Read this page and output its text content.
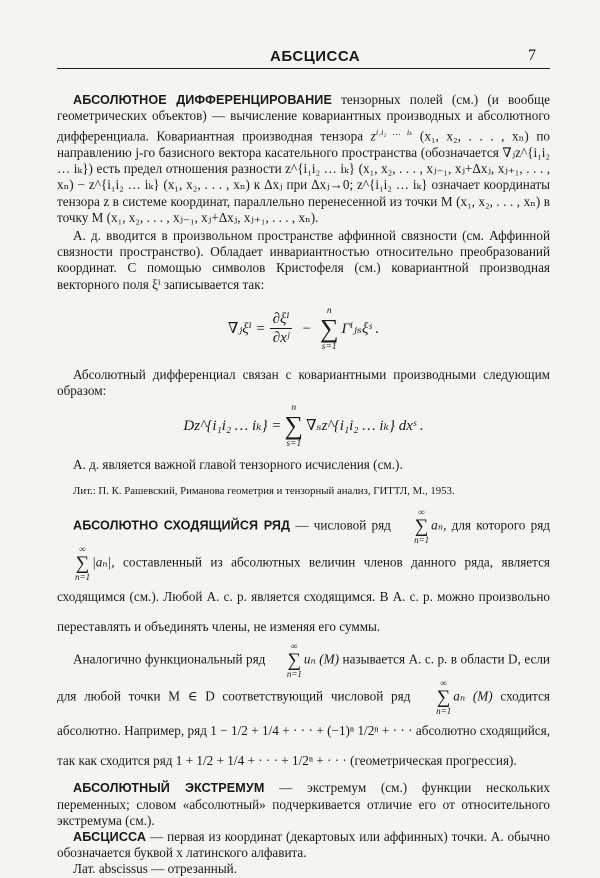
АБСЦИССА	7

АБСОЛЮТНОЕ ДИФФЕРЕНЦИРОВАНИЕ тензорных полей (см.) (и вообще геометрических объектов) — вычисление ковариантных производных и абсолютного дифференциала. Ковариантная производная тензора $z^{i_1i_2 \dots i_k}$ (x₁, x₂, . . . , xₙ) по направлению j-го базисного вектора касательного пространства (обозначается ∇ⱼz^{i₁i₂ … iₖ}) есть предел отношения разности z^{i₁i₂ … iₖ} (x₁, x₂, . . . , xⱼ₋₁, xⱼ+Δxⱼ, xⱼ₊₁, . . . , xₙ) − z^{i₁i₂ … iₖ} (x₁, x₂, . . . , xₙ) к Δxⱼ при Δxⱼ→0; z^{i₁i₂ … iₖ} означает координаты тензора z в системе координат, параллельно перенесенной из точки M (x₁, x₂, . . . , xₙ) в точку M (x₁, x₂, . . . , xⱼ₋₁, xⱼ+Δxⱼ, xⱼ₊₁, . . . , xₙ).

А. д. вводится в произвольном пространстве аффинной связности (см. Аффинной связности пространство). Обладает инвариантностью относительно преобразований координат. С помощью символов Кристофеля (см.) ковариантной производная векторного поля ξⁱ записывается так:

∇ⱼξⁱ = $\frac{\text{∂ξⁱ}}{\text{∂xʲ}}$ −
n
∑
s=1
Γⁱⱼₛξˢ .

Абсолютный дифференциал связан с ковариантными производными следующим образом:

Dz^{i₁i₂ … iₖ} =
n
∑
s=1
∇ₛz^{i₁i₂ … iₖ} dxˢ .

А. д. является важной главой тензорного исчисления (см.).

Лит.: П. К. Рашевский, Риманова геометрия и тензорный анализ, ГИТТЛ, М., 1953.

АБСОЛЮТНО СХОДЯЩИЙСЯ РЯД — числовой ряд
∞
∑
n=1
aₙ, для которого ряд
∞
∑
n=1
|aₙ|, составленный из абсолютных величин членов данного ряда, является сходящимся (см.). Любой А. с. р. является сходящимся. В А. с. р. можно произвольно переставлять и объединять члены, не изменяя его суммы.

Аналогично функциональный ряд
∞
∑
n=1
uₙ (M) называется А. с. р. в области D, если для любой точки M ∈ D соответствующий числовой ряд
∞
∑
n=1
aₙ (M) сходится абсолютно. Например, ряд 1 − 1/2 + 1/4 + · · · + (−1)ⁿ 1/2ⁿ + · · · абсолютно сходящийся, так как сходится ряд 1 + 1/2 + 1/4 + · · · + 1/2ⁿ + · · · (геометрическая прогрессия).

АБСОЛЮТНЫЙ ЭКСТРЕМУМ — экстремум (см.) функции нескольких переменных; словом «абсолютный» подчеркивается отличие его от относительного экстремума (см.).

АБСЦИССА — первая из координат (декартовых или аффинных) точки. А. обычно обозначается буквой x латинского алфавита.

Лат. abscissus — отрезанный.
